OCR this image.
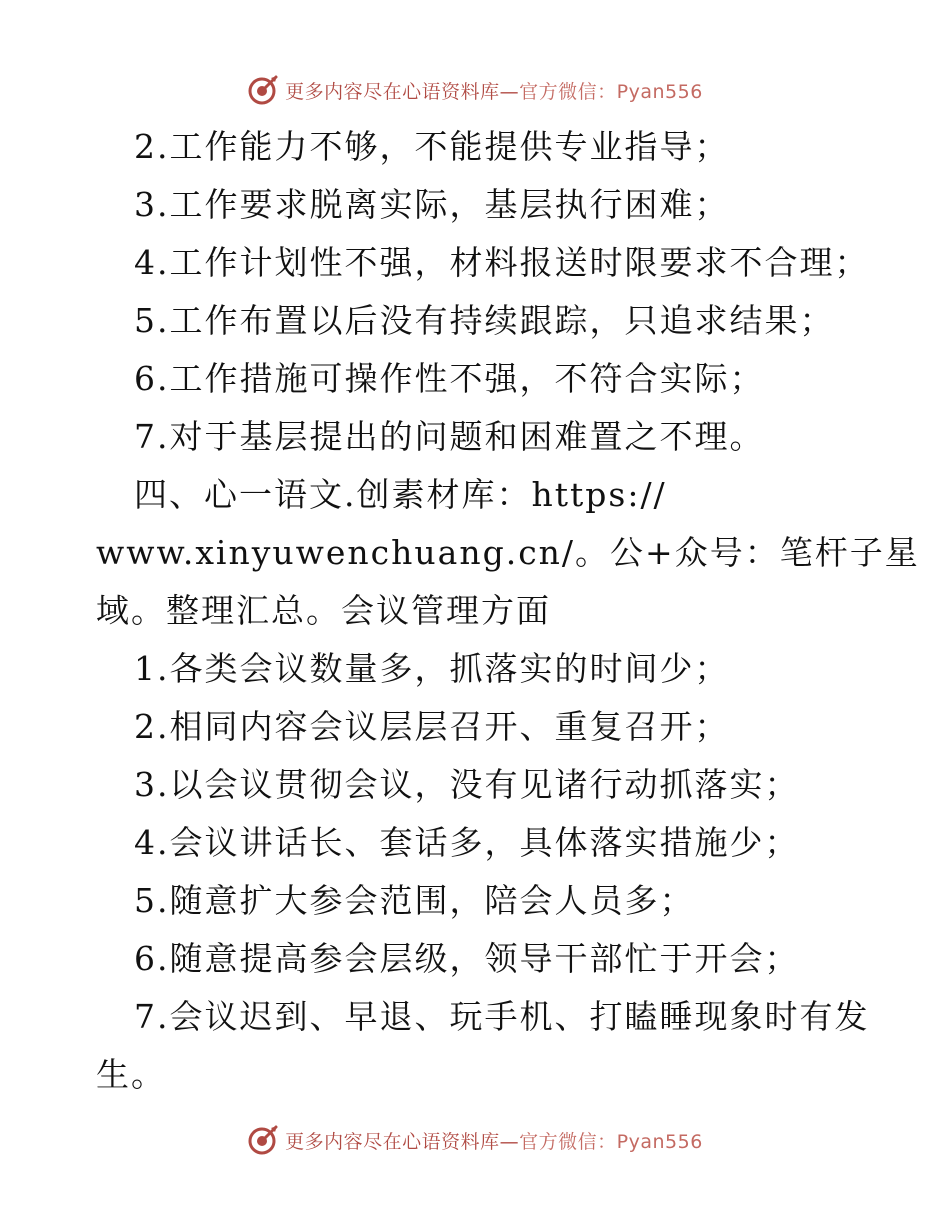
更多内容尽在心语资料库—官方微信：Pyan556
2.工作能力不够，不能提供专业指导；
3.工作要求脱离实际，基层执行困难；
4.工作计划性不强，材料报送时限要求不合理；
5.工作布置以后没有持续跟踪，只追求结果；
6.工作措施可操作性不强，不符合实际；
7.对于基层提出的问题和困难置之不理。
四、心一语文.创素材库：https://
www.xinyuwenchuang.cn/。公+众号：笔杆子星
域。整理汇总。会议管理方面
1.各类会议数量多，抓落实的时间少；
2.相同内容会议层层召开、重复召开；
3.以会议贯彻会议，没有见诸行动抓落实；
4.会议讲话长、套话多，具体落实措施少；
5.随意扩大参会范围，陪会人员多；
6.随意提高参会层级，领导干部忙于开会；
7.会议迟到、早退、玩手机、打瞌睡现象时有发
生。
更多内容尽在心语资料库—官方微信：Pyan556
